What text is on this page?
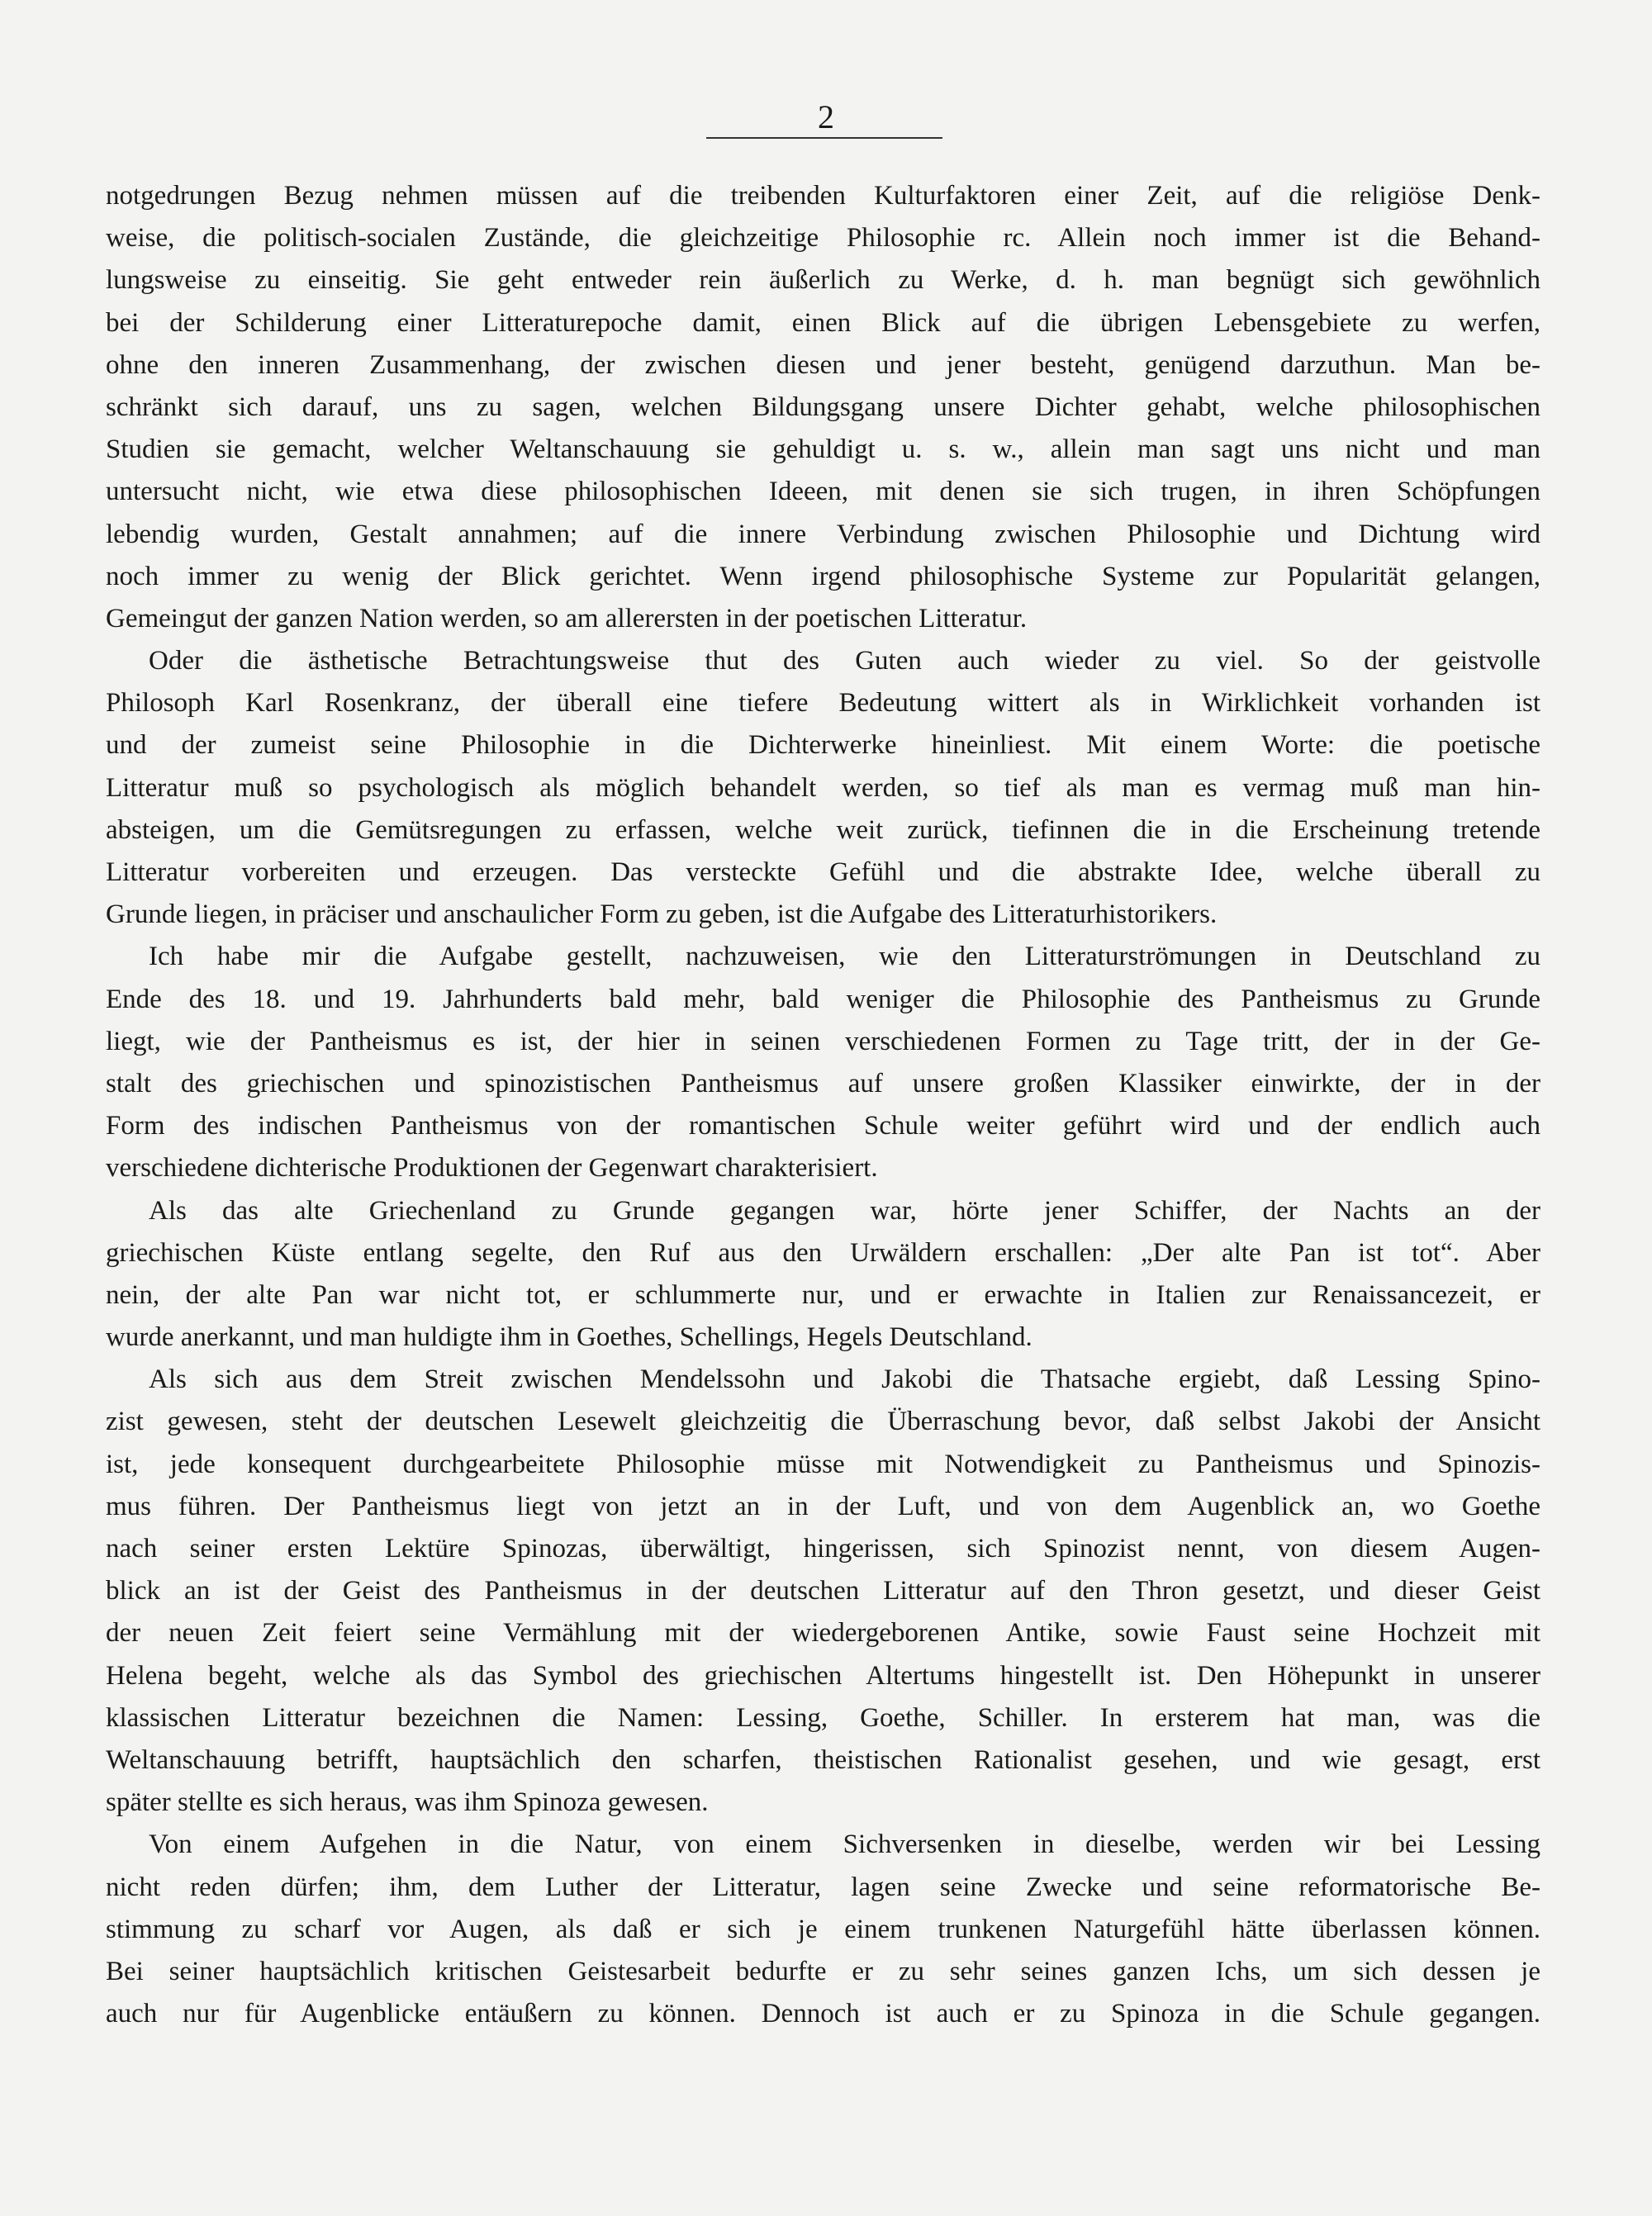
2
notgedrungen Bezug nehmen müssen auf die treibenden Kulturfaktoren einer Zeit, auf die religiöse Denk-
weise, die politisch-socialen Zustände, die gleichzeitige Philosophie rc. Allein noch immer ist die Behand-
lungsweise zu einseitig. Sie geht entweder rein äußerlich zu Werke, d. h. man begnügt sich gewöhnlich
bei der Schilderung einer Litteraturepoche damit, einen Blick auf die übrigen Lebensgebiete zu werfen,
ohne den inneren Zusammenhang, der zwischen diesen und jener besteht, genügend darzuthun. Man be-
schränkt sich darauf, uns zu sagen, welchen Bildungsgang unsere Dichter gehabt, welche philosophischen
Studien sie gemacht, welcher Weltanschauung sie gehuldigt u. s. w., allein man sagt uns nicht und man
untersucht nicht, wie etwa diese philosophischen Ideeen, mit denen sie sich trugen, in ihren Schöpfungen
lebendig wurden, Gestalt annahmen; auf die innere Verbindung zwischen Philosophie und Dichtung wird
noch immer zu wenig der Blick gerichtet. Wenn irgend philosophische Systeme zur Popularität gelangen,
Gemeingut der ganzen Nation werden, so am allerersten in der poetischen Litteratur.
Oder die ästhetische Betrachtungsweise thut des Guten auch wieder zu viel. So der geistvolle
Philosoph Karl Rosenkranz, der überall eine tiefere Bedeutung wittert als in Wirklichkeit vorhanden ist
und der zumeist seine Philosophie in die Dichterwerke hineinliest. Mit einem Worte: die poetische
Litteratur muß so psychologisch als möglich behandelt werden, so tief als man es vermag muß man hin-
absteigen, um die Gemütsregungen zu erfassen, welche weit zurück, tiefinnen die in die Erscheinung tretende
Litteratur vorbereiten und erzeugen. Das versteckte Gefühl und die abstrakte Idee, welche überall zu
Grunde liegen, in präciser und anschaulicher Form zu geben, ist die Aufgabe des Litteraturhistorikers.
Ich habe mir die Aufgabe gestellt, nachzuweisen, wie den Litteraturströmungen in Deutschland zu
Ende des 18. und 19. Jahrhunderts bald mehr, bald weniger die Philosophie des Pantheismus zu Grunde
liegt, wie der Pantheismus es ist, der hier in seinen verschiedenen Formen zu Tage tritt, der in der Ge-
stalt des griechischen und spinozistischen Pantheismus auf unsere großen Klassiker einwirkte, der in der
Form des indischen Pantheismus von der romantischen Schule weiter geführt wird und der endlich auch
verschiedene dichterische Produktionen der Gegenwart charakterisiert.
Als das alte Griechenland zu Grunde gegangen war, hörte jener Schiffer, der Nachts an der
griechischen Küste entlang segelte, den Ruf aus den Urwäldern erschallen: „Der alte Pan ist tot“. Aber
nein, der alte Pan war nicht tot, er schlummerte nur, und er erwachte in Italien zur Renaissancezeit, er
wurde anerkannt, und man huldigte ihm in Goethes, Schellings, Hegels Deutschland.
Als sich aus dem Streit zwischen Mendelssohn und Jakobi die Thatsache ergiebt, daß Lessing Spino-
zist gewesen, steht der deutschen Lesewelt gleichzeitig die Überraschung bevor, daß selbst Jakobi der Ansicht
ist, jede konsequent durchgearbeitete Philosophie müsse mit Notwendigkeit zu Pantheismus und Spinozis-
mus führen. Der Pantheismus liegt von jetzt an in der Luft, und von dem Augenblick an, wo Goethe
nach seiner ersten Lektüre Spinozas, überwältigt, hingerissen, sich Spinozist nennt, von diesem Augen-
blick an ist der Geist des Pantheismus in der deutschen Litteratur auf den Thron gesetzt, und dieser Geist
der neuen Zeit feiert seine Vermählung mit der wiedergeborenen Antike, sowie Faust seine Hochzeit mit
Helena begeht, welche als das Symbol des griechischen Altertums hingestellt ist. Den Höhepunkt in unserer
klassischen Litteratur bezeichnen die Namen: Lessing, Goethe, Schiller. In ersterem hat man, was die
Weltanschauung betrifft, hauptsächlich den scharfen, theistischen Rationalist gesehen, und wie gesagt, erst
später stellte es sich heraus, was ihm Spinoza gewesen.
Von einem Aufgehen in die Natur, von einem Sichversenken in dieselbe, werden wir bei Lessing
nicht reden dürfen; ihm, dem Luther der Litteratur, lagen seine Zwecke und seine reformatorische Be-
stimmung zu scharf vor Augen, als daß er sich je einem trunkenen Naturgefühl hätte überlassen können.
Bei seiner hauptsächlich kritischen Geistesarbeit bedurfte er zu sehr seines ganzen Ichs, um sich dessen je
auch nur für Augenblicke entäußern zu können. Dennoch ist auch er zu Spinoza in die Schule gegangen.
